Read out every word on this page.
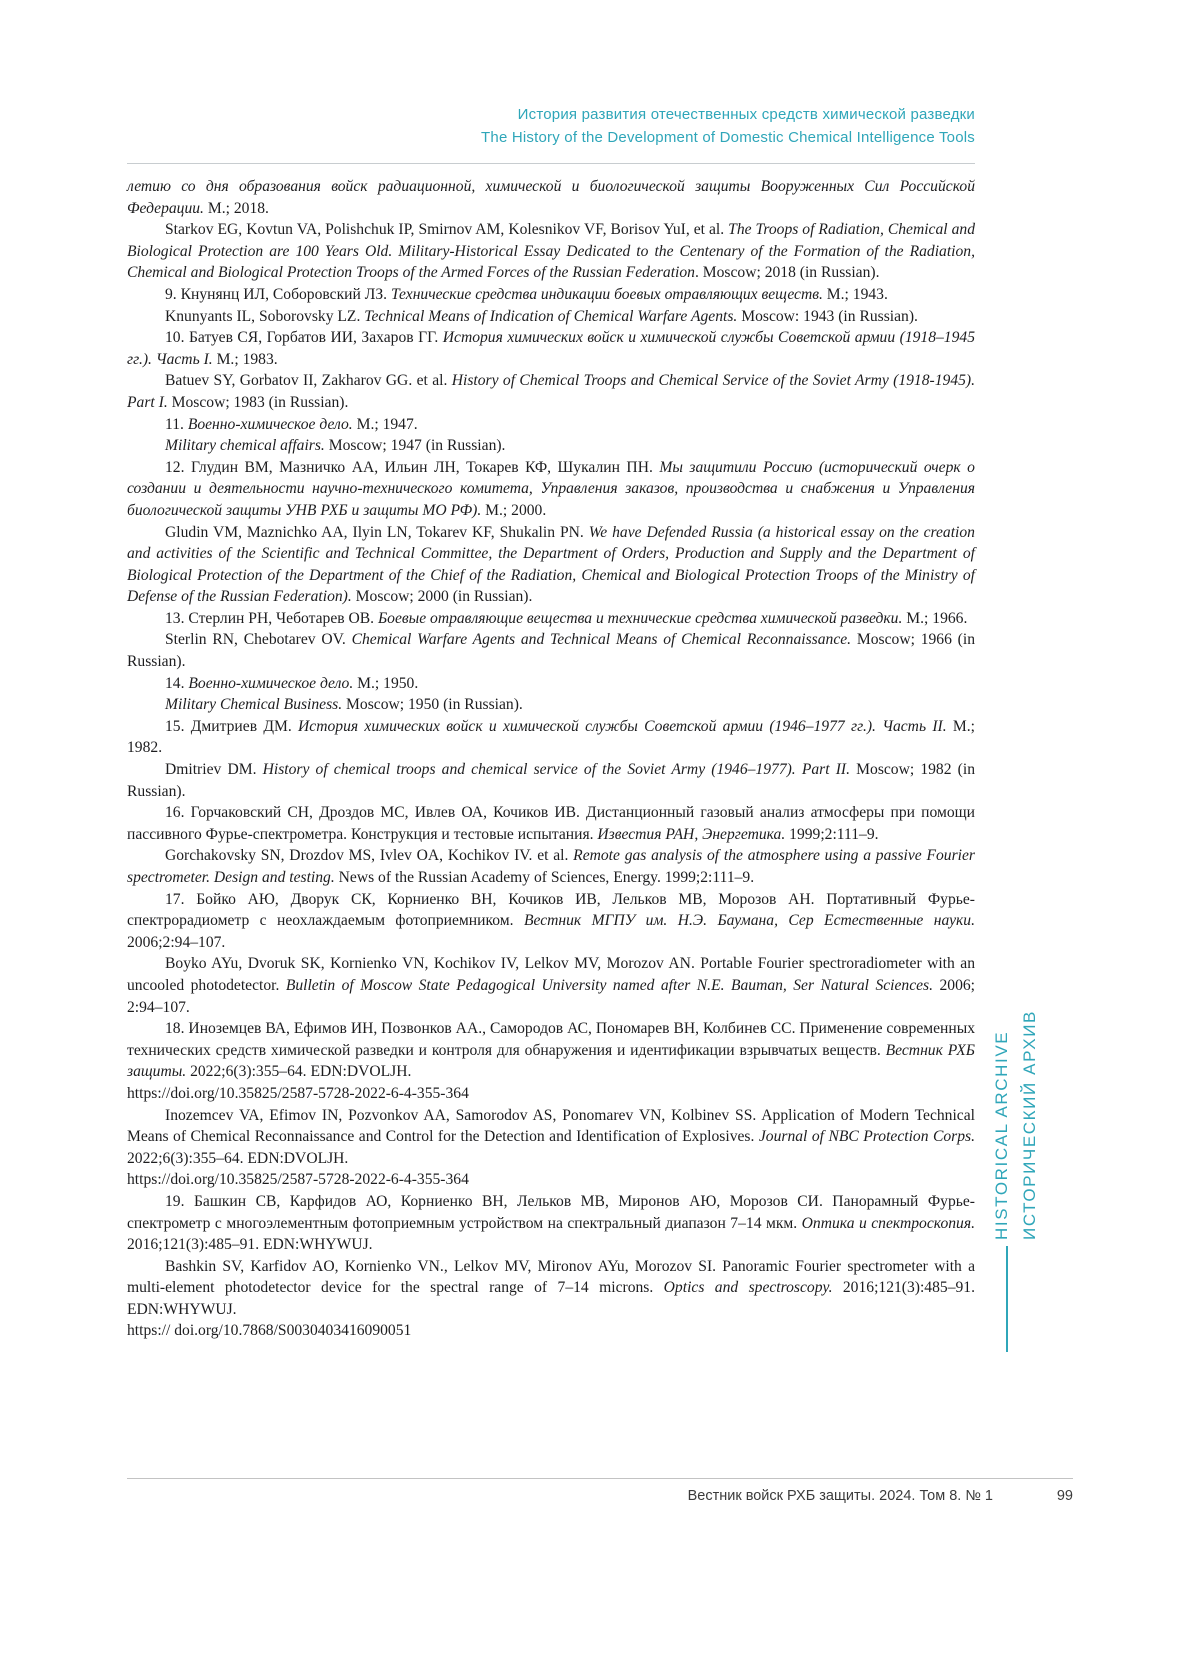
История развития отечественных средств химической разведки
The History of the Development of Domestic Chemical Intelligence Tools

летию со дня образования войск радиационной, химической и биологической защиты Вооруженных Сил Российской Федерации. М.; 2018.

Starkov EG, Kovtun VA, Polishchuk IP, Smirnov AM, Kolesnikov VF, Borisov YuI, et al. The Troops of Radiation, Chemical and Biological Protection are 100 Years Old. Military-Historical Essay Dedicated to the Centenary of the Formation of the Radiation, Chemical and Biological Protection Troops of the Armed Forces of the Russian Federation. Moscow; 2018 (in Russian).

9. Кнунянц ИЛ, Соборовский ЛЗ. Технические средства индикации боевых отравляющих веществ. М.; 1943.

Knunyants IL, Soborovsky LZ. Technical Means of Indication of Chemical Warfare Agents. Moscow: 1943 (in Russian).

10. Батуев СЯ, Горбатов ИИ, Захаров ГГ. История химических войск и химической службы Советской армии (1918–1945 гг.). Часть I. М.; 1983.

Batuev SY, Gorbatov II, Zakharov GG. et al. History of Chemical Troops and Chemical Service of the Soviet Army (1918-1945). Part I. Moscow; 1983 (in Russian).

11. Военно-химическое дело. М.; 1947.

Military chemical affairs. Moscow; 1947 (in Russian).

12. Глудин ВМ, Мазничко АА, Ильин ЛН, Токарев КФ, Шукалин ПН. Мы защитили Россию (исторический очерк о создании и деятельности научно-технического комитета, Управления заказов, производства и снабжения и Управления биологической защиты УНВ РХБ и защиты МО РФ). М.; 2000.

Gludin VM, Maznichko AA, Ilyin LN, Tokarev KF, Shukalin PN. We have Defended Russia (a historical essay on the creation and activities of the Scientific and Technical Committee, the Department of Orders, Production and Supply and the Department of Biological Protection of the Department of the Chief of the Radiation, Chemical and Biological Protection Troops of the Ministry of Defense of the Russian Federation). Moscow; 2000 (in Russian).

13. Стерлин РН, Чеботарев ОВ. Боевые отравляющие вещества и технические средства химической разведки. М.; 1966.

Sterlin RN, Chebotarev OV. Chemical Warfare Agents and Technical Means of Chemical Reconnaissance. Moscow; 1966 (in Russian).

14. Военно-химическое дело. М.; 1950.

Military Chemical Business. Moscow; 1950 (in Russian).

15. Дмитриев ДМ. История химических войск и химической службы Советской армии (1946–1977 гг.). Часть II. М.; 1982.

Dmitriev DM. History of chemical troops and chemical service of the Soviet Army (1946–1977). Part II. Moscow; 1982 (in Russian).

16. Горчаковский СН, Дроздов МС, Ивлев ОА, Кочиков ИВ. Дистанционный газовый анализ атмосферы при помощи пассивного Фурье-спектрометра. Конструкция и тестовые испытания. Известия РАН, Энергетика. 1999;2:111–9.

Gorchakovsky SN, Drozdov MS, Ivlev OA, Kochikov IV. et al. Remote gas analysis of the atmosphere using a passive Fourier spectrometer. Design and testing. News of the Russian Academy of Sciences, Energy. 1999;2:111–9.

17. Бойко АЮ, Дворук СК, Корниенко ВН, Кочиков ИВ, Лельков МВ, Морозов АН. Портативный Фурье-спектрорадиометр с неохлаждаемым фотоприемником. Вестник МГПУ им. Н.Э. Баумана, Сер Естественные науки. 2006;2:94–107.

Boyko AYu, Dvoruk SK, Kornienko VN, Kochikov IV, Lelkov MV, Morozov AN. Portable Fourier spectroradiometer with an uncooled photodetector. Bulletin of Moscow State Pedagogical University named after N.E. Bauman, Ser Natural Sciences. 2006; 2:94–107.

18. Иноземцев ВА, Ефимов ИН, Позвонков АА., Самородов АС, Пономарев ВН, Колбинев СС. Применение современных технических средств химической разведки и контроля для обнаружения и идентификации взрывчатых веществ. Вестник РХБ защиты. 2022;6(3):355–64. EDN:DVOLJH.

https://doi.org/10.35825/2587-5728-2022-6-4-355-364

Inozemcev VA, Efimov IN, Pozvonkov AA, Samorodov AS, Ponomarev VN, Kolbinev SS. Application of Modern Technical Means of Chemical Reconnaissance and Control for the Detection and Identification of Explosives. Journal of NBC Protection Corps. 2022;6(3):355–64. EDN:DVOLJH.

https://doi.org/10.35825/2587-5728-2022-6-4-355-364

19. Башкин СВ, Карфидов АО, Корниенко ВН, Лельков МВ, Миронов АЮ, Морозов СИ. Панорамный Фурье-спектрометр с многоэлементным фотоприемным устройством на спектральный диапазон 7–14 мкм. Оптика и спектроскопия. 2016;121(3):485–91. EDN:WHYWUJ.

Bashkin SV, Karfidov AO, Kornienko VN., Lelkov MV, Mironov AYu, Morozov SI. Panoramic Fourier spectrometer with a multi-element photodetector device for the spectral range of 7–14 microns. Optics and spectroscopy. 2016;121(3):485–91. EDN:WHYWUJ.

https:// doi.org/10.7868/S0030403416090051

HISTORICAL ARCHIVE ИСТОРИЧЕСКИЙ АРХИВ
Вестник войск РХБ защиты. 2024. Том 8. № 1	99
